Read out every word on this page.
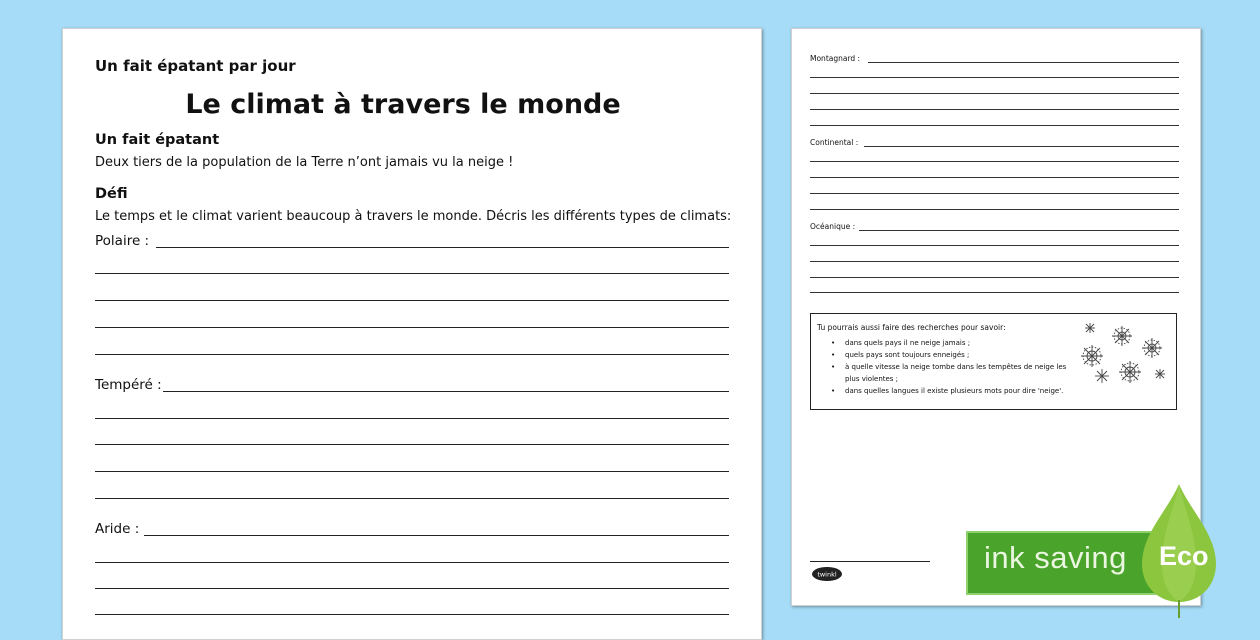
Un fait épatant par jour
Le climat à travers le monde
Un fait épatant
Deux tiers de la population de la Terre n’ont jamais vu la neige !
Défi
Le temps et le climat varient beaucoup à travers le monde. Décris les différents types de climats:
Polaire :
Tempéré :
Aride :
Montagnard :
Continental :
Océanique :
Tu pourrais aussi faire des recherches pour savoir:
• dans quels pays il ne neige jamais ;
• quels pays sont toujours enneigés ;
• à quelle vitesse la neige tombe dans les tempêtes de neige les plus violentes ;
• dans quelles langues il existe plusieurs mots pour dire 'neige'.
twinkl	ink saving Eco
